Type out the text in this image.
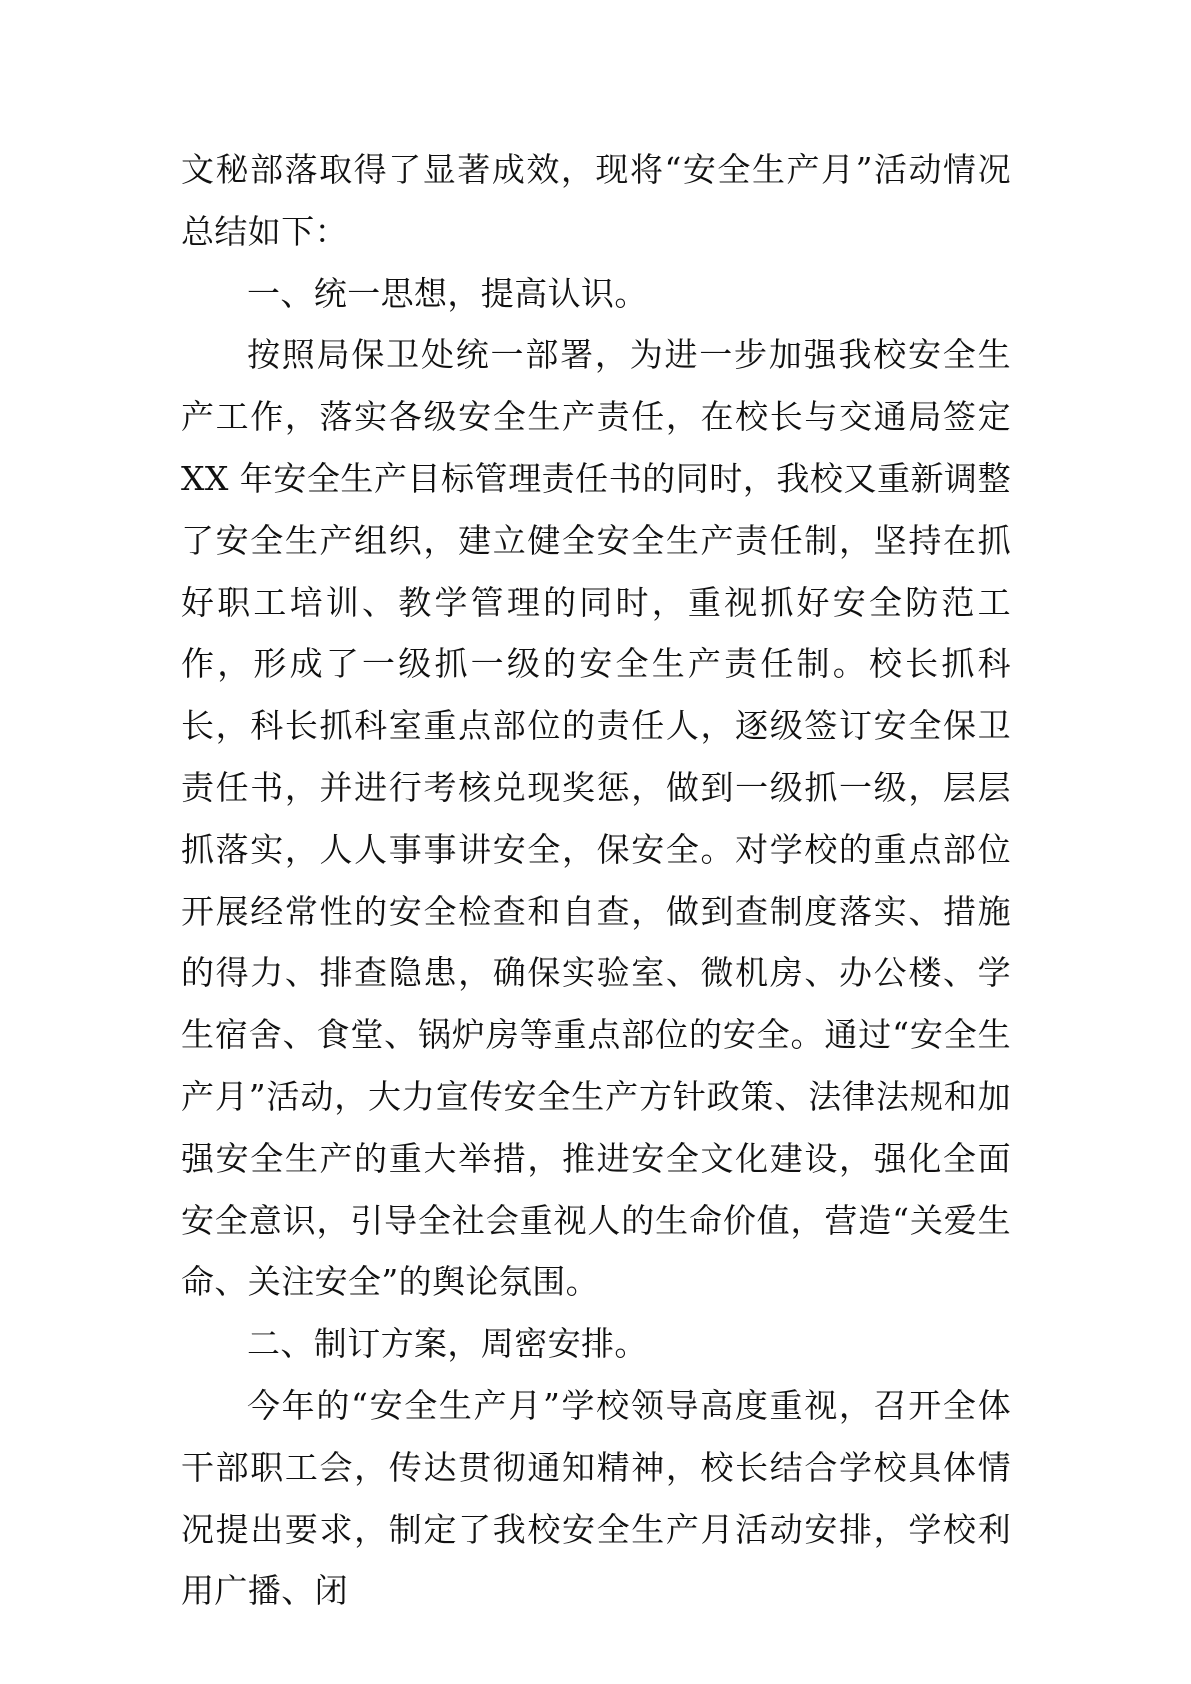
文秘部落取得了显著成效，现将“安全生产月”活动情况总结如下：

一、统一思想，提高认识。

按照局保卫处统一部署，为进一步加强我校安全生产工作，落实各级安全生产责任，在校长与交通局签定 XX 年安全生产目标管理责任书的同时，我校又重新调整了安全生产组织，建立健全安全生产责任制，坚持在抓好职工培训、教学管理的同时，重视抓好安全防范工作，形成了一级抓一级的安全生产责任制。校长抓科长，科长抓科室重点部位的责任人，逐级签订安全保卫责任书，并进行考核兑现奖惩，做到一级抓一级，层层抓落实，人人事事讲安全，保安全。对学校的重点部位开展经常性的安全检查和自查，做到查制度落实、措施的得力、排查隐患，确保实验室、微机房、办公楼、学生宿舍、食堂、锅炉房等重点部位的安全。通过“安全生产月”活动，大力宣传安全生产方针政策、法律法规和加强安全生产的重大举措，推进安全文化建设，强化全面安全意识，引导全社会重视人的生命价值，营造“关爱生命、关注安全”的舆论氛围。

二、制订方案，周密安排。

今年的“安全生产月”学校领导高度重视，召开全体干部职工会，传达贯彻通知精神，校长结合学校具体情况提出要求，制定了我校安全生产月活动安排，学校利用广播、闭
